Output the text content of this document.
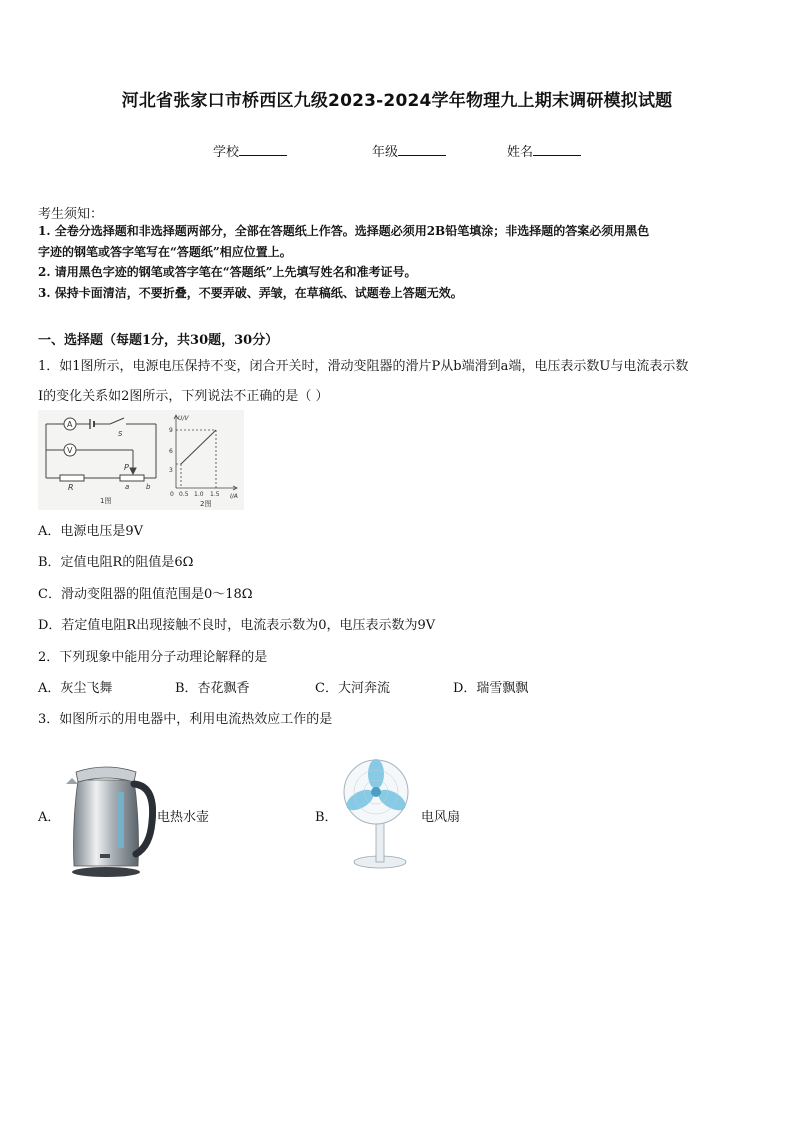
河北省张家口市桥西区九级2023-2024学年物理九上期末调研模拟试题
学校	年级	姓名
考生须知：
1. 全卷分选择题和非选择题两部分，全部在答题纸上作答。选择题必须用2B铅笔填涂；非选择题的答案必须用黑色
字迹的钢笔或答字笔写在“答题纸”相应位置上。
2. 请用黑色字迹的钢笔或答字笔在“答题纸”上先填写姓名和准考证号。
3. 保持卡面清洁，不要折叠，不要弄破、弄皱，在草稿纸、试题卷上答题无效。
一、选择题（每题1分，共30题，30分）
1．如1图所示，电源电压保持不变，闭合开关时，滑动变阻器的滑片P从b端滑到a端，电压表示数U与电流表示数
I的变化关系如2图所示，下列说法不正确的是（ ）
A
V
S
R
P
a b
1图
U/V
I/A
9
6
3
0 0.5 1.0 1.5
2图
A．电源电压是9V
B．定值电阻R的阻值是6Ω
C．滑动变阻器的阻值范围是0～18Ω
D．若定值电阻R出现接触不良时，电流表示数为0，电压表示数为9V
2．下列现象中能用分子动理论解释的是
A．灰尘飞舞	B．杏花飘香	C．大河奔流	D．瑞雪飘飘
3．如图所示的用电器中，利用电流热效应工作的是
A．	电热水壶	B．	电风扇
